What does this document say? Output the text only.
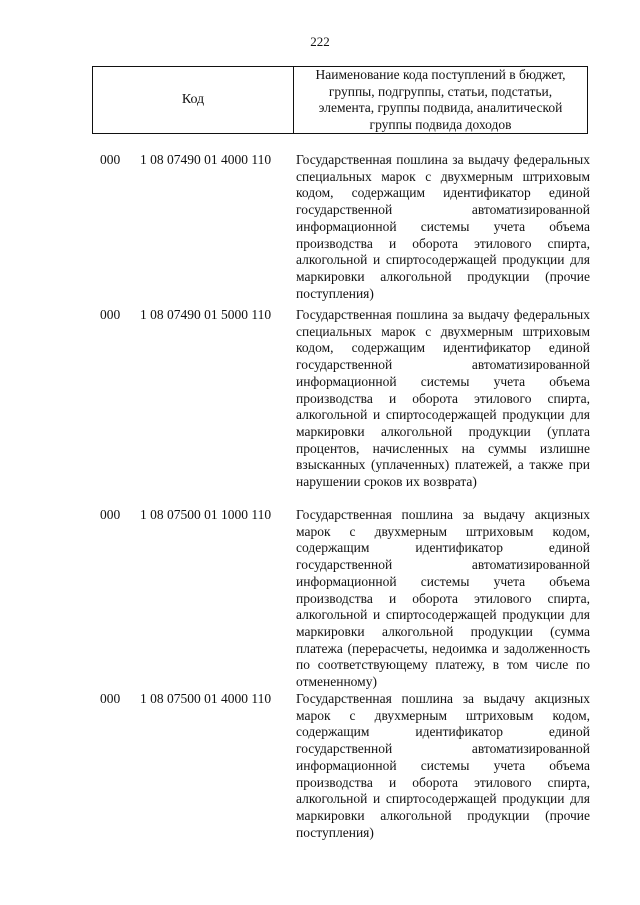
222
Код
Наименование кода поступлений в бюджет, группы, подгруппы, статьи, подстатьи, элемента, группы подвида, аналитической группы подвида доходов
000	1 08 07490 01 4000 110	Государственная пошлина за выдачу федеральных специальных марок с двухмерным штриховым кодом, содержащим идентификатор единой государственной автоматизированной информационной системы учета объема производства и оборота этилового спирта, алкогольной и спиртосодержащей продукции для маркировки алкогольной продукции (прочие поступления)
000	1 08 07490 01 5000 110	Государственная пошлина за выдачу федеральных специальных марок с двухмерным штриховым кодом, содержащим идентификатор единой государственной автоматизированной информационной системы учета объема производства и оборота этилового спирта, алкогольной и спиртосодержащей продукции для маркировки алкогольной продукции (уплата процентов, начисленных на суммы излишне взысканных (уплаченных) платежей, а также при нарушении сроков их возврата)
000	1 08 07500 01 1000 110	Государственная пошлина за выдачу акцизных марок с двухмерным штриховым кодом, содержащим идентификатор единой государственной автоматизированной информационной системы учета объема производства и оборота этилового спирта, алкогольной и спиртосодержащей продукции для маркировки алкогольной продукции (сумма платежа (перерасчеты, недоимка и задолженность по соответствующему платежу, в том числе по отмененному)
000	1 08 07500 01 4000 110	Государственная пошлина за выдачу акцизных марок с двухмерным штриховым кодом, содержащим идентификатор единой государственной автоматизированной информационной системы учета объема производства и оборота этилового спирта, алкогольной и спиртосодержащей продукции для маркировки алкогольной продукции (прочие поступления)
